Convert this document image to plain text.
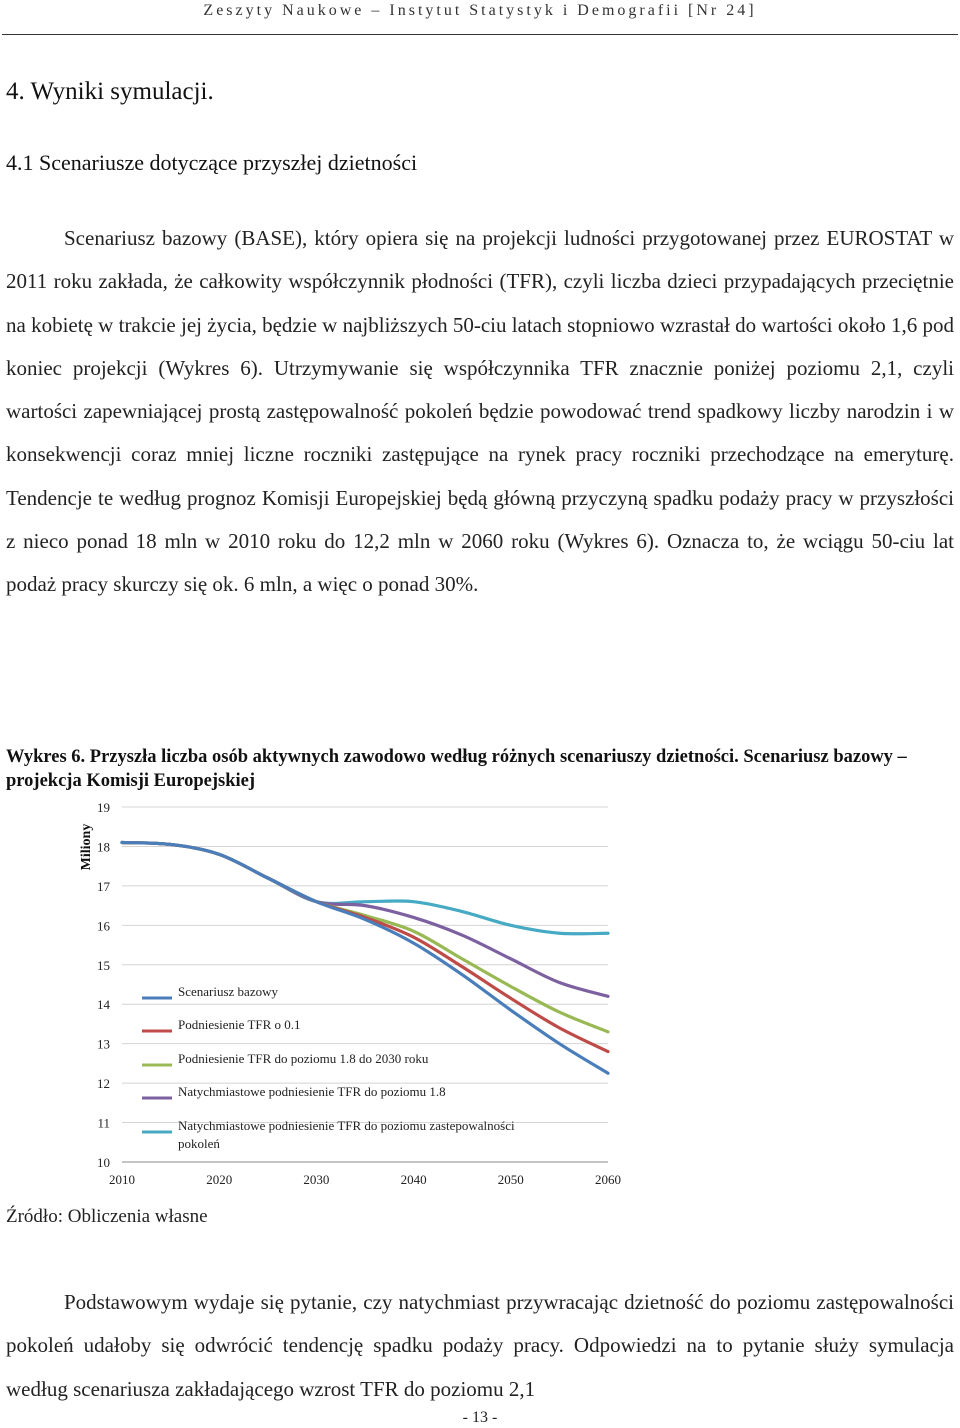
Zeszyty Naukowe – Instytut Statystyk i Demografii [Nr 24]
4. Wyniki symulacji.
4.1 Scenariusze dotyczące przyszłej dzietności

Scenariusz bazowy (BASE), który opiera się na projekcji ludności przygotowanej przez EUROSTAT w 2011 roku zakłada, że całkowity współczynnik płodności (TFR), czyli liczba dzieci przypadających przeciętnie na kobietę w trakcie jej życia, będzie w najbliższych 50-ciu latach stopniowo wzrastał do wartości około 1,6 pod koniec projekcji (Wykres 6). Utrzymywanie się współczynnika TFR znacznie poniżej poziomu 2,1, czyli wartości zapewniającej prostą zastępowalność pokoleń będzie powodować trend spadkowy liczby narodzin i w konsekwencji coraz mniej liczne roczniki zastępujące na rynek pracy roczniki przechodzące na emeryturę. Tendencje te według prognoz Komisji Europejskiej będą główną przyczyną spadku podaży pracy w przyszłości z nieco ponad 18 mln w 2010 roku do 12,2 mln w 2060 roku (Wykres 6). Oznacza to, że wciągu 50-ciu lat podaż pracy skurczy się ok. 6 mln, a więc o ponad 30%.

Wykres 6. Przyszła liczba osób aktywnych zawodowo według różnych scenariuszy dzietności. Scenariusz bazowy – projekcja Komisji Europejskiej
10
11
12
13
14
15
16
17
18
19
2010	2020	2030	2040	2050	2060
Miliony
Scenariusz bazowy
Podniesienie TFR o 0.1
Podniesienie TFR do poziomu 1.8 do 2030 roku
Natychmiastowe podniesienie TFR do poziomu 1.8
Natychmiastowe podniesienie TFR do poziomu zastepowalności
pokoleń
Źródło: Obliczenia własne

Podstawowym wydaje się pytanie, czy natychmiast przywracając dzietność do poziomu zastępowalności pokoleń udałoby się odwrócić tendencję spadku podaży pracy. Odpowiedzi na to pytanie służy symulacja według scenariusza zakładającego wzrost TFR do poziomu 2,1

- 13 -
